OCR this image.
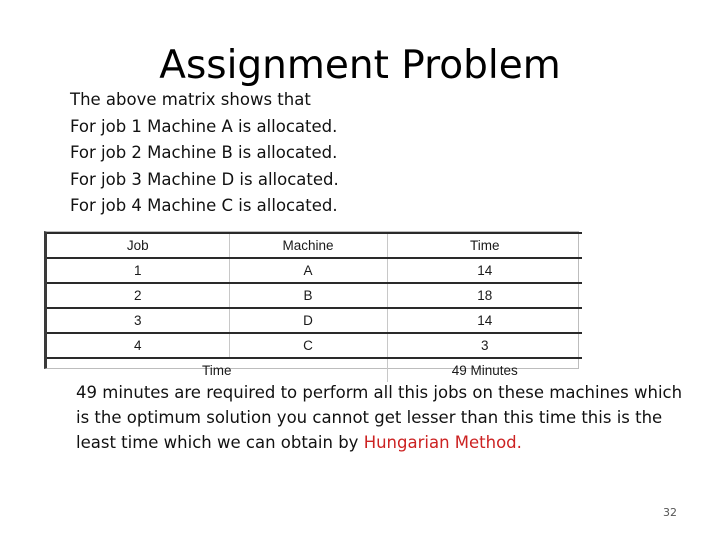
Assignment Problem
The above matrix shows that
For job 1 Machine A is allocated.
For job 2 Machine B is allocated.
For job 3 Machine D is allocated.
For job 4 Machine C is allocated.
Job	Machine	Time
1	A	14
2	B	18
3	D	14
4	C	3
Time		49 Minutes
49 minutes are required to perform all this jobs on these machines which
is the optimum solution you cannot get lesser than this time this is the
least time which we can obtain by Hungarian Method.
32
